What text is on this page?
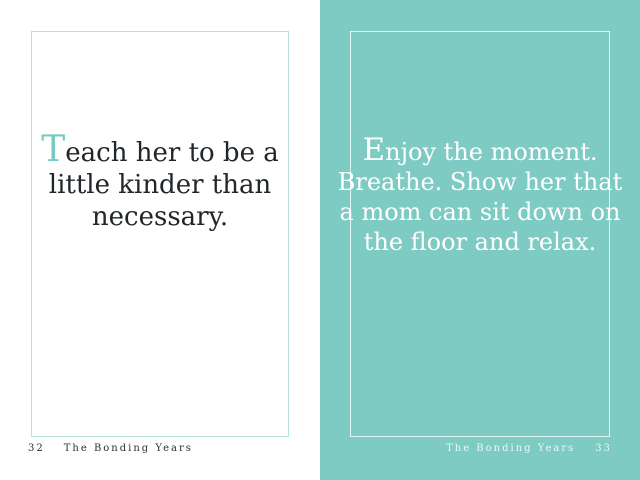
Teach her to be a
little kinder than
necessary.
32 The Bonding Years
Enjoy the moment.
Breathe. Show her that
a mom can sit down on
the floor and relax.
The Bonding Years 33
